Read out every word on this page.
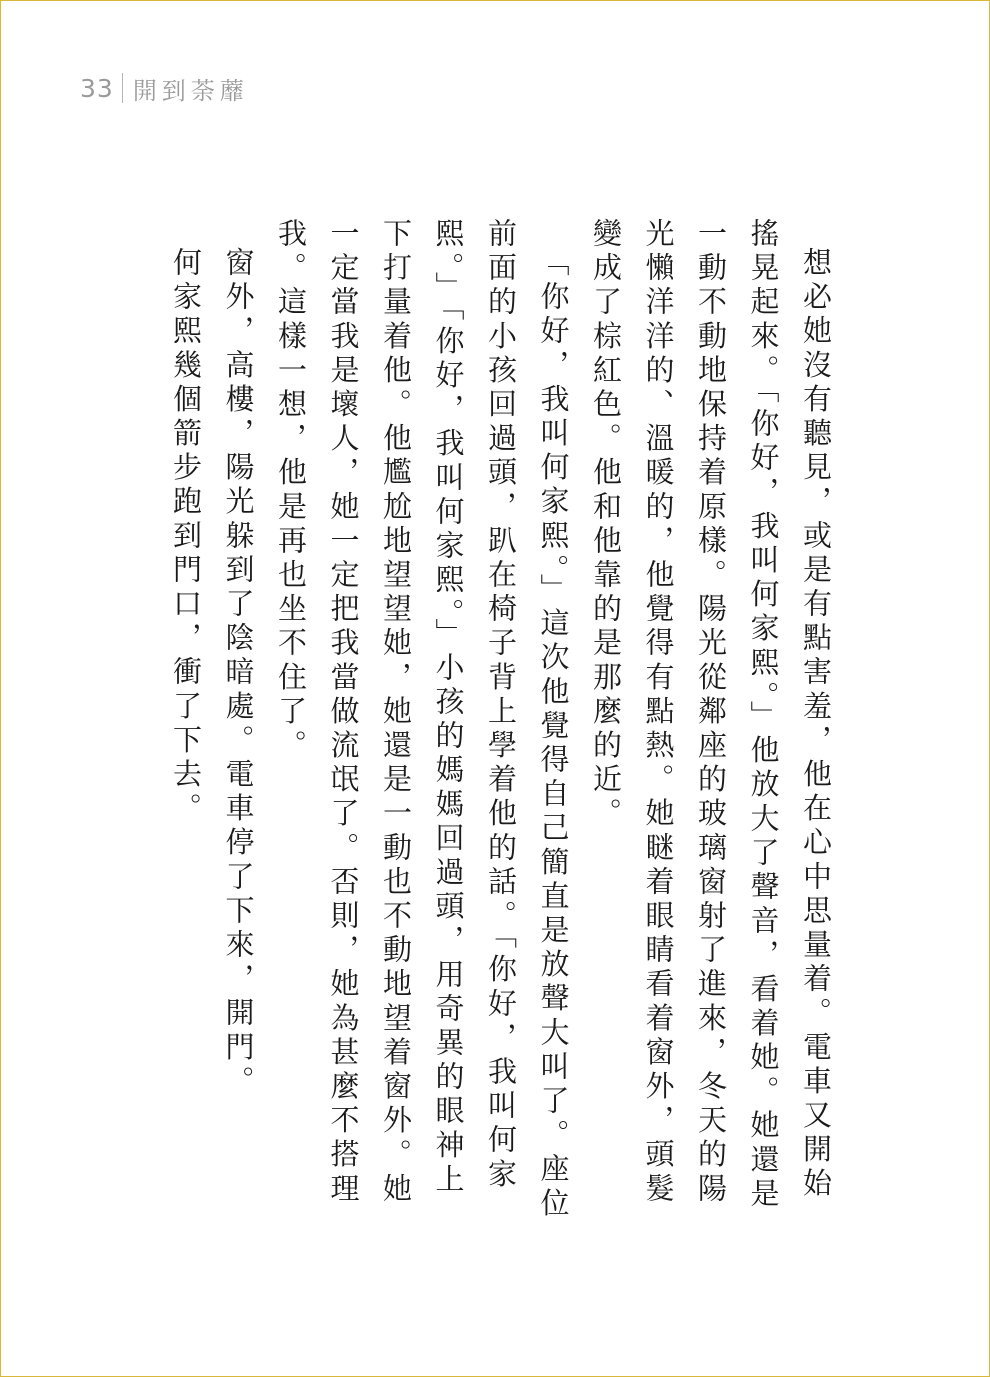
33 開到荼蘼

想必她沒有聽見，或是有點害羞，他在心中思量着。電車又開始搖晃起來。「你好，我叫何家熙。」他放大了聲音，看着她。她還是一動不動地保持着原樣。陽光從鄰座的玻璃窗射了進來，冬天的陽光懶洋洋的、溫暖的，他覺得有點熱。她瞇着眼睛看着窗外，頭髮變成了棕紅色。他和他靠的是那麼的近。

「你好，我叫何家熙。」這次他覺得自己簡直是放聲大叫了。座位前面的小孩回過頭，趴在椅子背上學着他的話。「你好，我叫何家熙。」「你好，我叫何家熙。」小孩的媽媽回過頭，用奇異的眼神上下打量着他。他尷尬地望望她，她還是一動也不動地望着窗外。她一定當我是壞人，她一定把我當做流氓了。否則，她為甚麼不搭理我。這樣一想，他是再也坐不住了。

窗外，高樓，陽光躲到了陰暗處。電車停了下來，開門。

何家熙幾個箭步跑到門口，衝了下去。
